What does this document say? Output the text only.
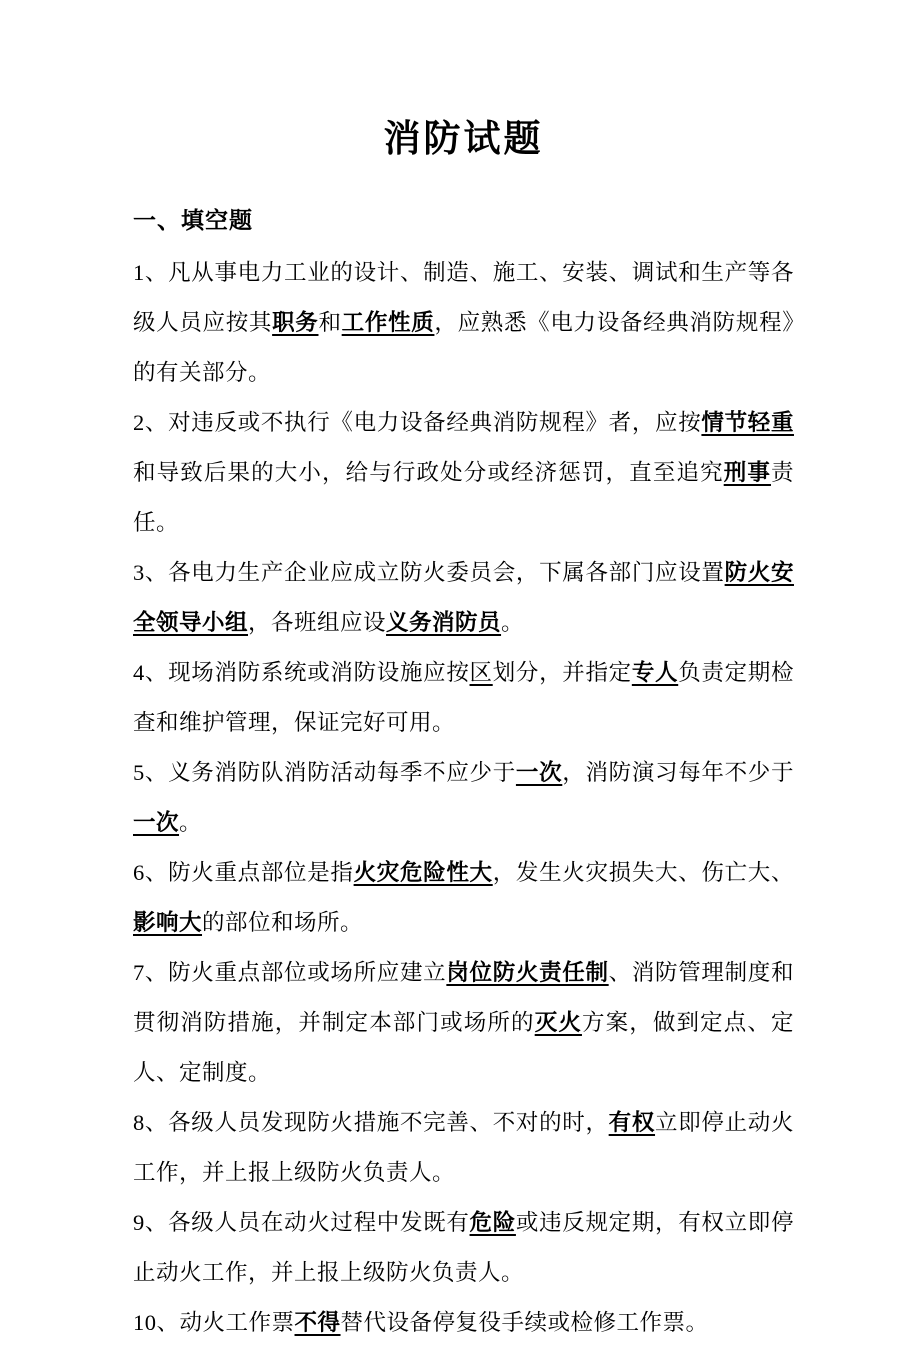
消防试题
一、填空题

1、凡从事电力工业的设计、制造、施工、安装、调试和生产等各级人员应按其职务和工作性质，应熟悉《电力设备经典消防规程》的有关部分。

2、对违反或不执行《电力设备经典消防规程》者，应按情节轻重和导致后果的大小，给与行政处分或经济惩罚，直至追究刑事责任。

3、各电力生产企业应成立防火委员会，下属各部门应设置防火安全领导小组，各班组应设义务消防员。

4、现场消防系统或消防设施应按区划分，并指定专人负责定期检查和维护管理，保证完好可用。

5、义务消防队消防活动每季不应少于一次，消防演习每年不少于一次。

6、防火重点部位是指火灾危险性大，发生火灾损失大、伤亡大、影响大的部位和场所。

7、防火重点部位或场所应建立岗位防火责任制、消防管理制度和贯彻消防措施，并制定本部门或场所的灭火方案，做到定点、定人、定制度。

8、各级人员发现防火措施不完善、不对的时，有权立即停止动火工作，并上报上级防火负责人。

9、各级人员在动火过程中发既有危险或违反规定期，有权立即停止动火工作，并上报上级防火负责人。

10、动火工作票不得替代设备停复役手续或检修工作票。
